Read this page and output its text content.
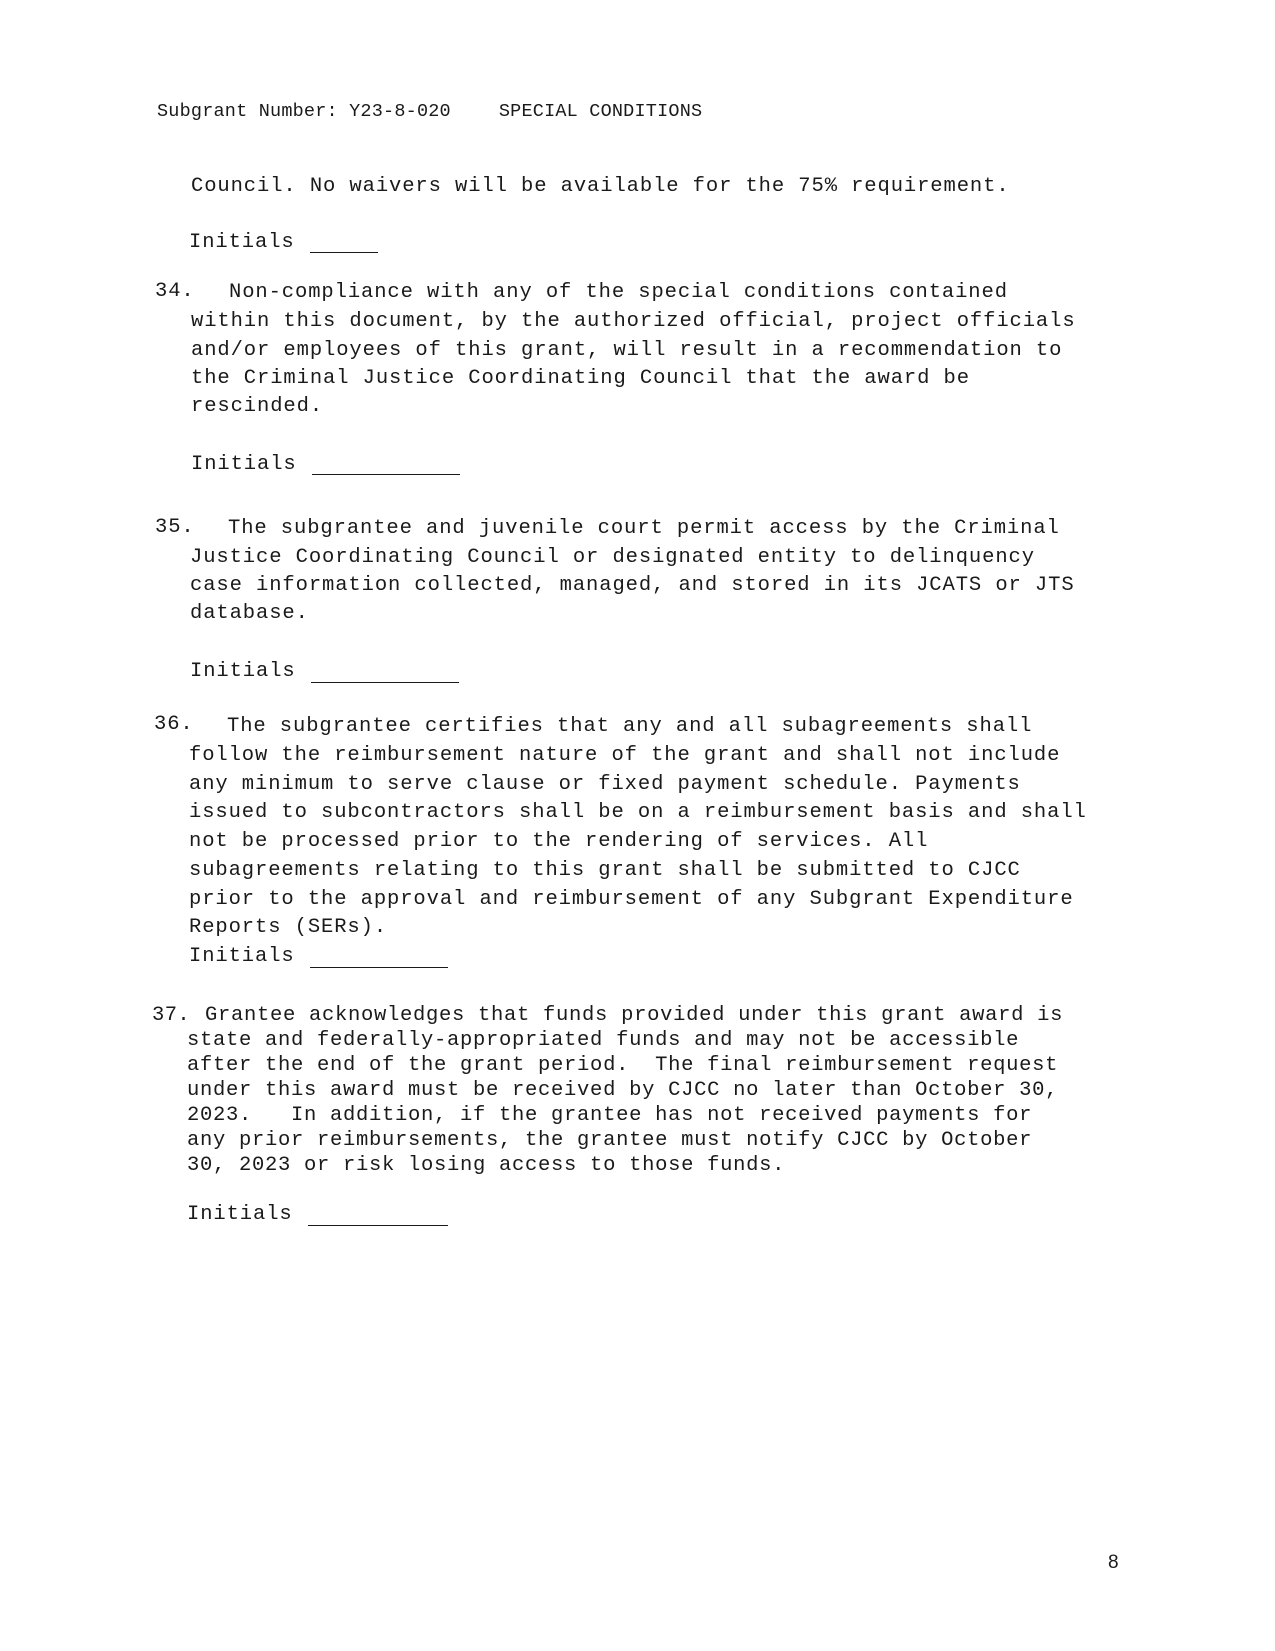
Subgrant Number: Y23-8-020	SPECIAL CONDITIONS
Council. No waivers will be available for the 75% requirement.
Initials
34. Non-compliance with any of the special conditions contained
within this document, by the authorized official, project officials
and/or employees of this grant, will result in a recommendation to
the Criminal Justice Coordinating Council that the award be
rescinded.
Initials
35. The subgrantee and juvenile court permit access by the Criminal
Justice Coordinating Council or designated entity to delinquency
case information collected, managed, and stored in its JCATS or JTS
database.
Initials
36. The subgrantee certifies that any and all subagreements shall
follow the reimbursement nature of the grant and shall not include
any minimum to serve clause or fixed payment schedule. Payments
issued to subcontractors shall be on a reimbursement basis and shall
not be processed prior to the rendering of services. All
subagreements relating to this grant shall be submitted to CJCC
prior to the approval and reimbursement of any Subgrant Expenditure
Reports (SERs).
Initials
37. Grantee acknowledges that funds provided under this grant award is
state and federally-appropriated funds and may not be accessible
after the end of the grant period.  The final reimbursement request
under this award must be received by CJCC no later than October 30,
2023.   In addition, if the grantee has not received payments for
any prior reimbursements, the grantee must notify CJCC by October
30, 2023 or risk losing access to those funds.
Initials
8
